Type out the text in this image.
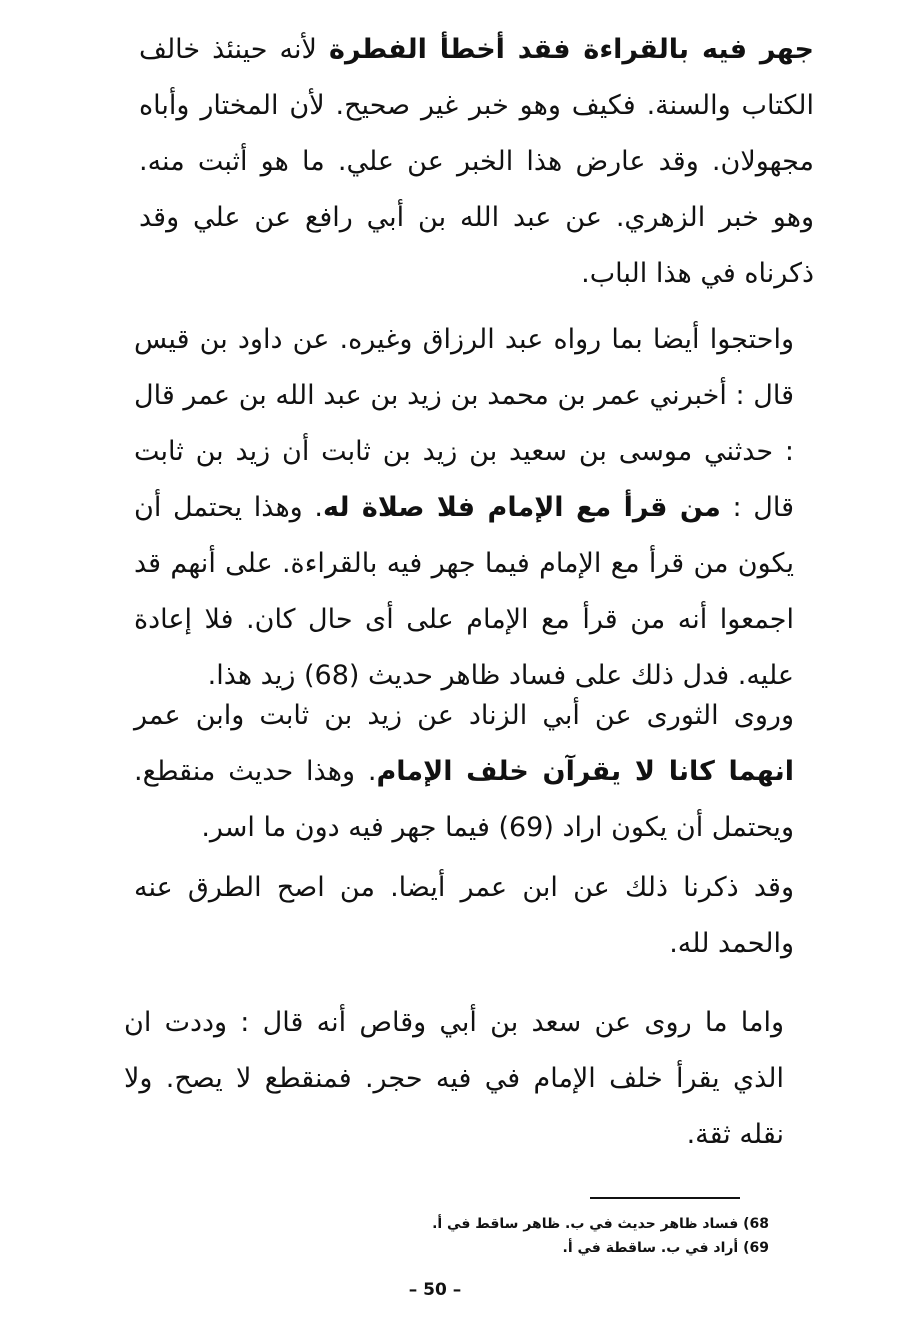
جهر فيه بالقراءة فقد أخطأ الفطرة لأنه حينئذ خالف الكتاب والسنة. فكيف وهو خبر غير صحيح. لأن المختار وأباه مجهولان. وقد عارض هذا الخبر عن علي. ما هو أثبت منه. وهو خبر الزهري. عن عبد الله بن أبي رافع عن علي وقد ذكرناه في هذا الباب.

واحتجوا أيضا بما رواه عبد الرزاق وغيره. عن داود بن قيس قال : أخبرني عمر بن محمد بن زيد بن عبد الله بن عمر قال : حدثني موسى بن سعيد بن زيد بن ثابت أن زيد بن ثابت قال : من قرأ مع الإمام فلا صلاة له. وهذا يحتمل أن يكون من قرأ مع الإمام فيما جهر فيه بالقراءة. على أنهم قد اجمعوا أنه من قرأ مع الإمام على أى حال كان. فلا إعادة عليه. فدل ذلك على فساد ظاهر حديث (68) زيد هذا.

وروى الثورى عن أبي الزناد عن زيد بن ثابت وابن عمر انهما كانا لا يقرآن خلف الإمام. وهذا حديث منقطع. ويحتمل أن يكون اراد (69) فيما جهر فيه دون ما اسر.

وقد ذكرنا ذلك عن ابن عمر أيضا. من اصح الطرق عنه والحمد لله.

واما ما روى عن سعد بن أبي وقاص أنه قال : وددت ان الذي يقرأ خلف الإمام في فيه حجر. فمنقطع لا يصح. ولا نقله ثقة.

68) فساد ظاهر حديث في ب. ظاهر ساقط في أ.
69) أراد في ب. ساقطة في أ.
– 50 –
